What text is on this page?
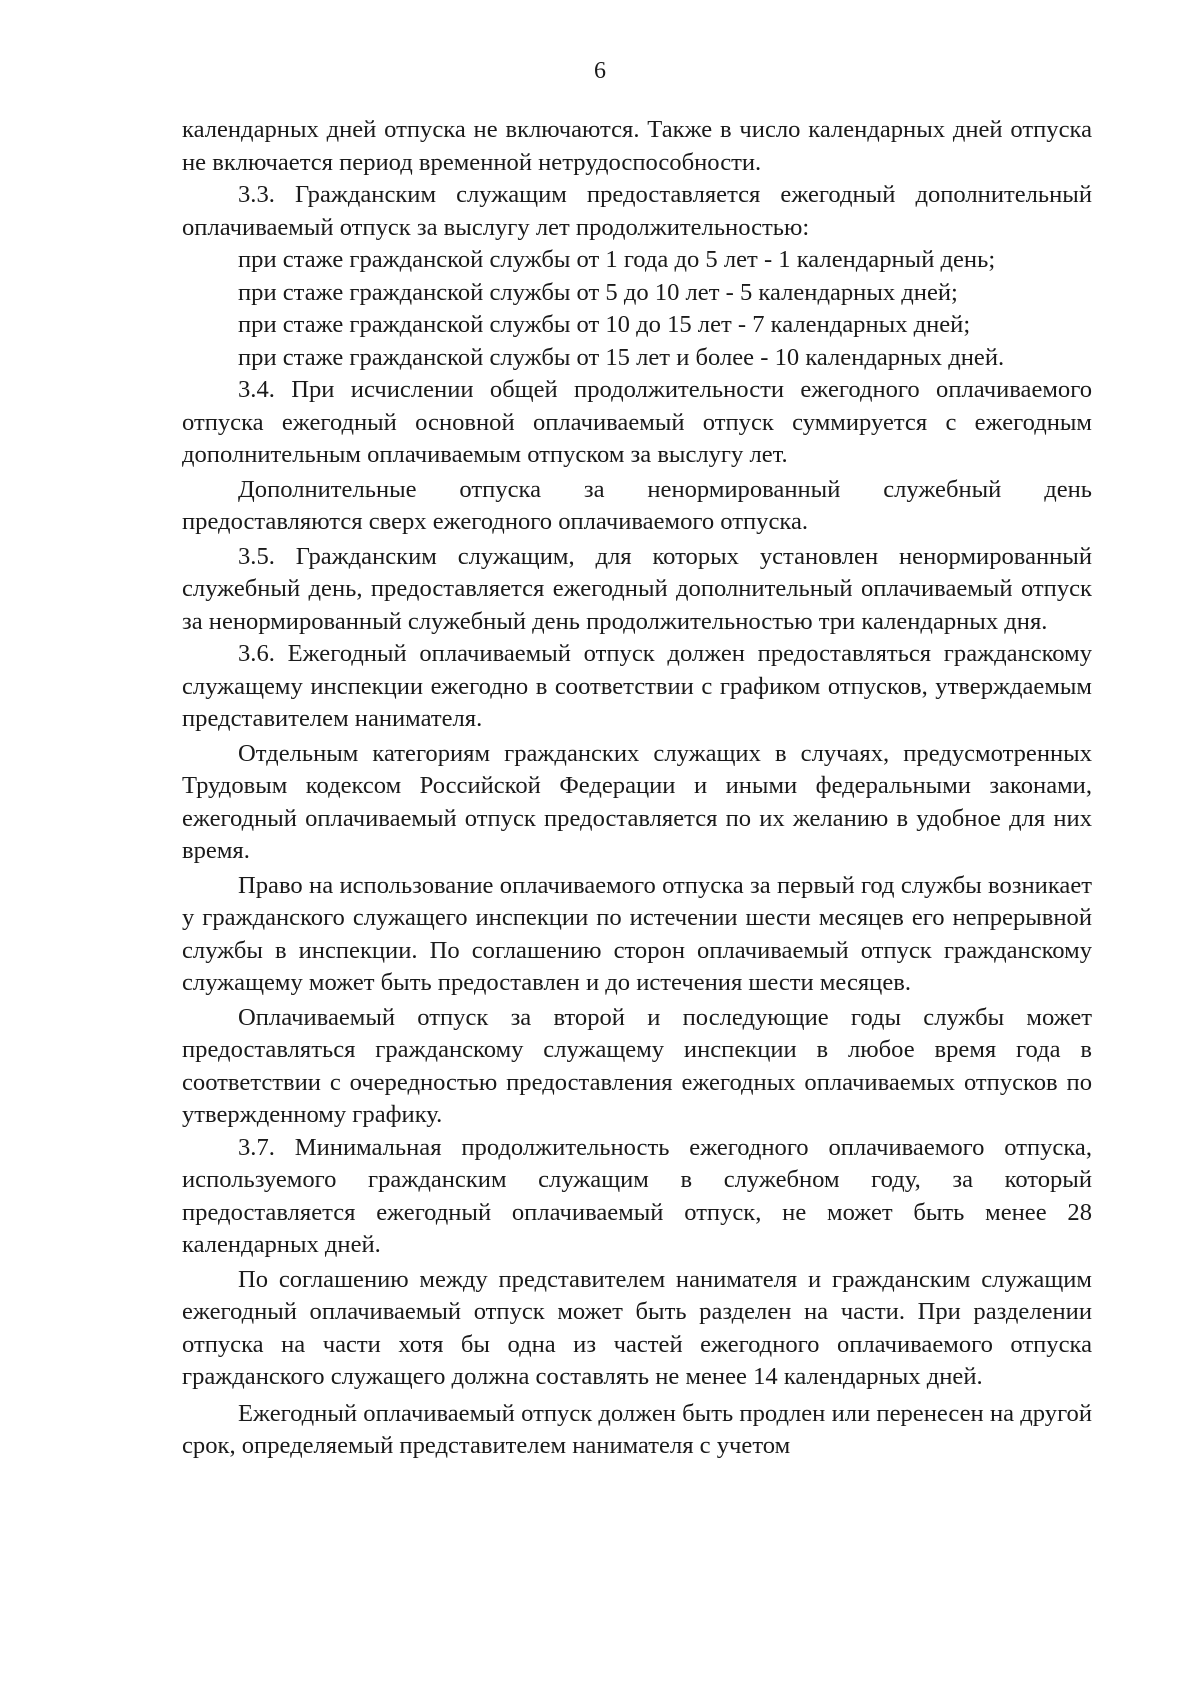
6

календарных дней отпуска не включаются. Также в число календарных дней отпуска не включается период временной нетрудоспособности.

3.3. Гражданским служащим предоставляется ежегодный дополнительный оплачиваемый отпуск за выслугу лет продолжительностью:

при стаже гражданской службы от 1 года до 5 лет - 1 календарный день;

при стаже гражданской службы от 5 до 10 лет - 5 календарных дней;

при стаже гражданской службы от 10 до 15 лет - 7 календарных дней;

при стаже гражданской службы от 15 лет и более - 10 календарных дней.

3.4. При исчислении общей продолжительности ежегодного оплачиваемого отпуска ежегодный основной оплачиваемый отпуск суммируется с ежегодным дополнительным оплачиваемым отпуском за выслугу лет.

Дополнительные отпуска за ненормированный служебный день предоставляются сверх ежегодного оплачиваемого отпуска.

3.5. Гражданским служащим, для которых установлен ненормированный служебный день, предоставляется ежегодный дополнительный оплачиваемый отпуск за ненормированный служебный день продолжительностью три календарных дня.

3.6. Ежегодный оплачиваемый отпуск должен предоставляться гражданскому служащему инспекции ежегодно в соответствии с графиком отпусков, утверждаемым представителем нанимателя.

Отдельным категориям гражданских служащих в случаях, предусмотренных Трудовым кодексом Российской Федерации и иными федеральными законами, ежегодный оплачиваемый отпуск предоставляется по их желанию в удобное для них время.

Право на использование оплачиваемого отпуска за первый год службы возникает у гражданского служащего инспекции по истечении шести месяцев его непрерывной службы в инспекции. По соглашению сторон оплачиваемый отпуск гражданскому служащему может быть предоставлен и до истечения шести месяцев.

Оплачиваемый отпуск за второй и последующие годы службы может предоставляться гражданскому служащему инспекции в любое время года в соответствии с очередностью предоставления ежегодных оплачиваемых отпусков по утвержденному графику.

3.7. Минимальная продолжительность ежегодного оплачиваемого отпуска, используемого гражданским служащим в служебном году, за который предоставляется ежегодный оплачиваемый отпуск, не может быть менее 28 календарных дней.

По соглашению между представителем нанимателя и гражданским служащим ежегодный оплачиваемый отпуск может быть разделен на части. При разделении отпуска на части хотя бы одна из частей ежегодного оплачиваемого отпуска гражданского служащего должна составлять не менее 14 календарных дней.

Ежегодный оплачиваемый отпуск должен быть продлен или перенесен на другой срок, определяемый представителем нанимателя с учетом
